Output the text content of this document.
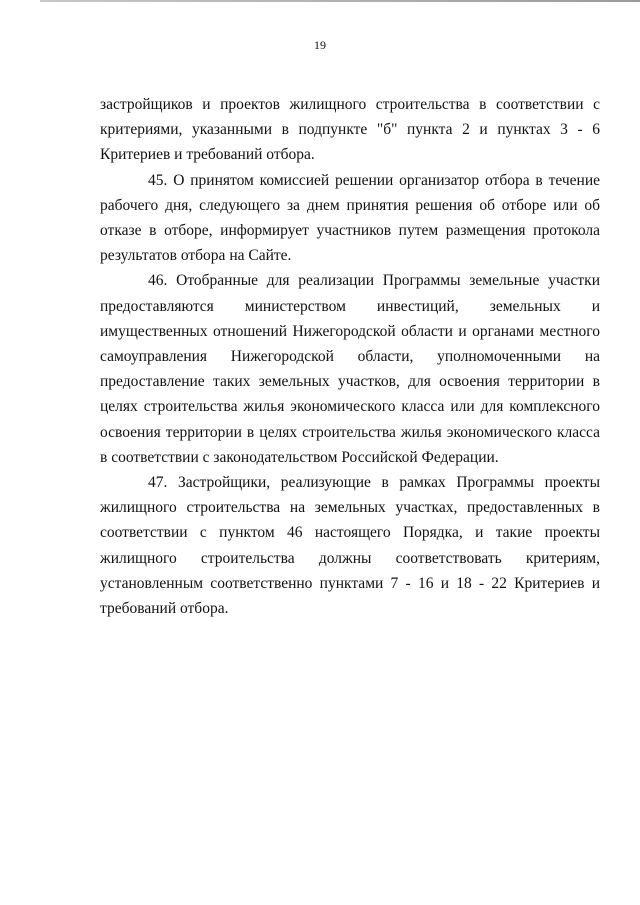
19

застройщиков и проектов жилищного строительства в соответствии с критериями, указанными в подпункте "б" пункта 2 и пунктах 3 - 6 Критериев и требований отбора.

45. О принятом комиссией решении организатор отбора в течение рабочего дня, следующего за днем принятия решения об отборе или об отказе в отборе, информирует участников путем размещения протокола результатов отбора на Сайте.

46. Отобранные для реализации Программы земельные участки предоставляются министерством инвестиций, земельных и имущественных отношений Нижегородской области и органами местного самоуправления Нижегородской области, уполномоченными на предоставление таких земельных участков, для освоения территории в целях строительства жилья экономического класса или для комплексного освоения территории в целях строительства жилья экономического класса в соответствии с законодательством Российской Федерации.

47. Застройщики, реализующие в рамках Программы проекты жилищного строительства на земельных участках, предоставленных в соответствии с пунктом 46 настоящего Порядка, и такие проекты жилищного строительства должны соответствовать критериям, установленным соответственно пунктами 7 - 16 и 18 - 22 Критериев и требований отбора.
